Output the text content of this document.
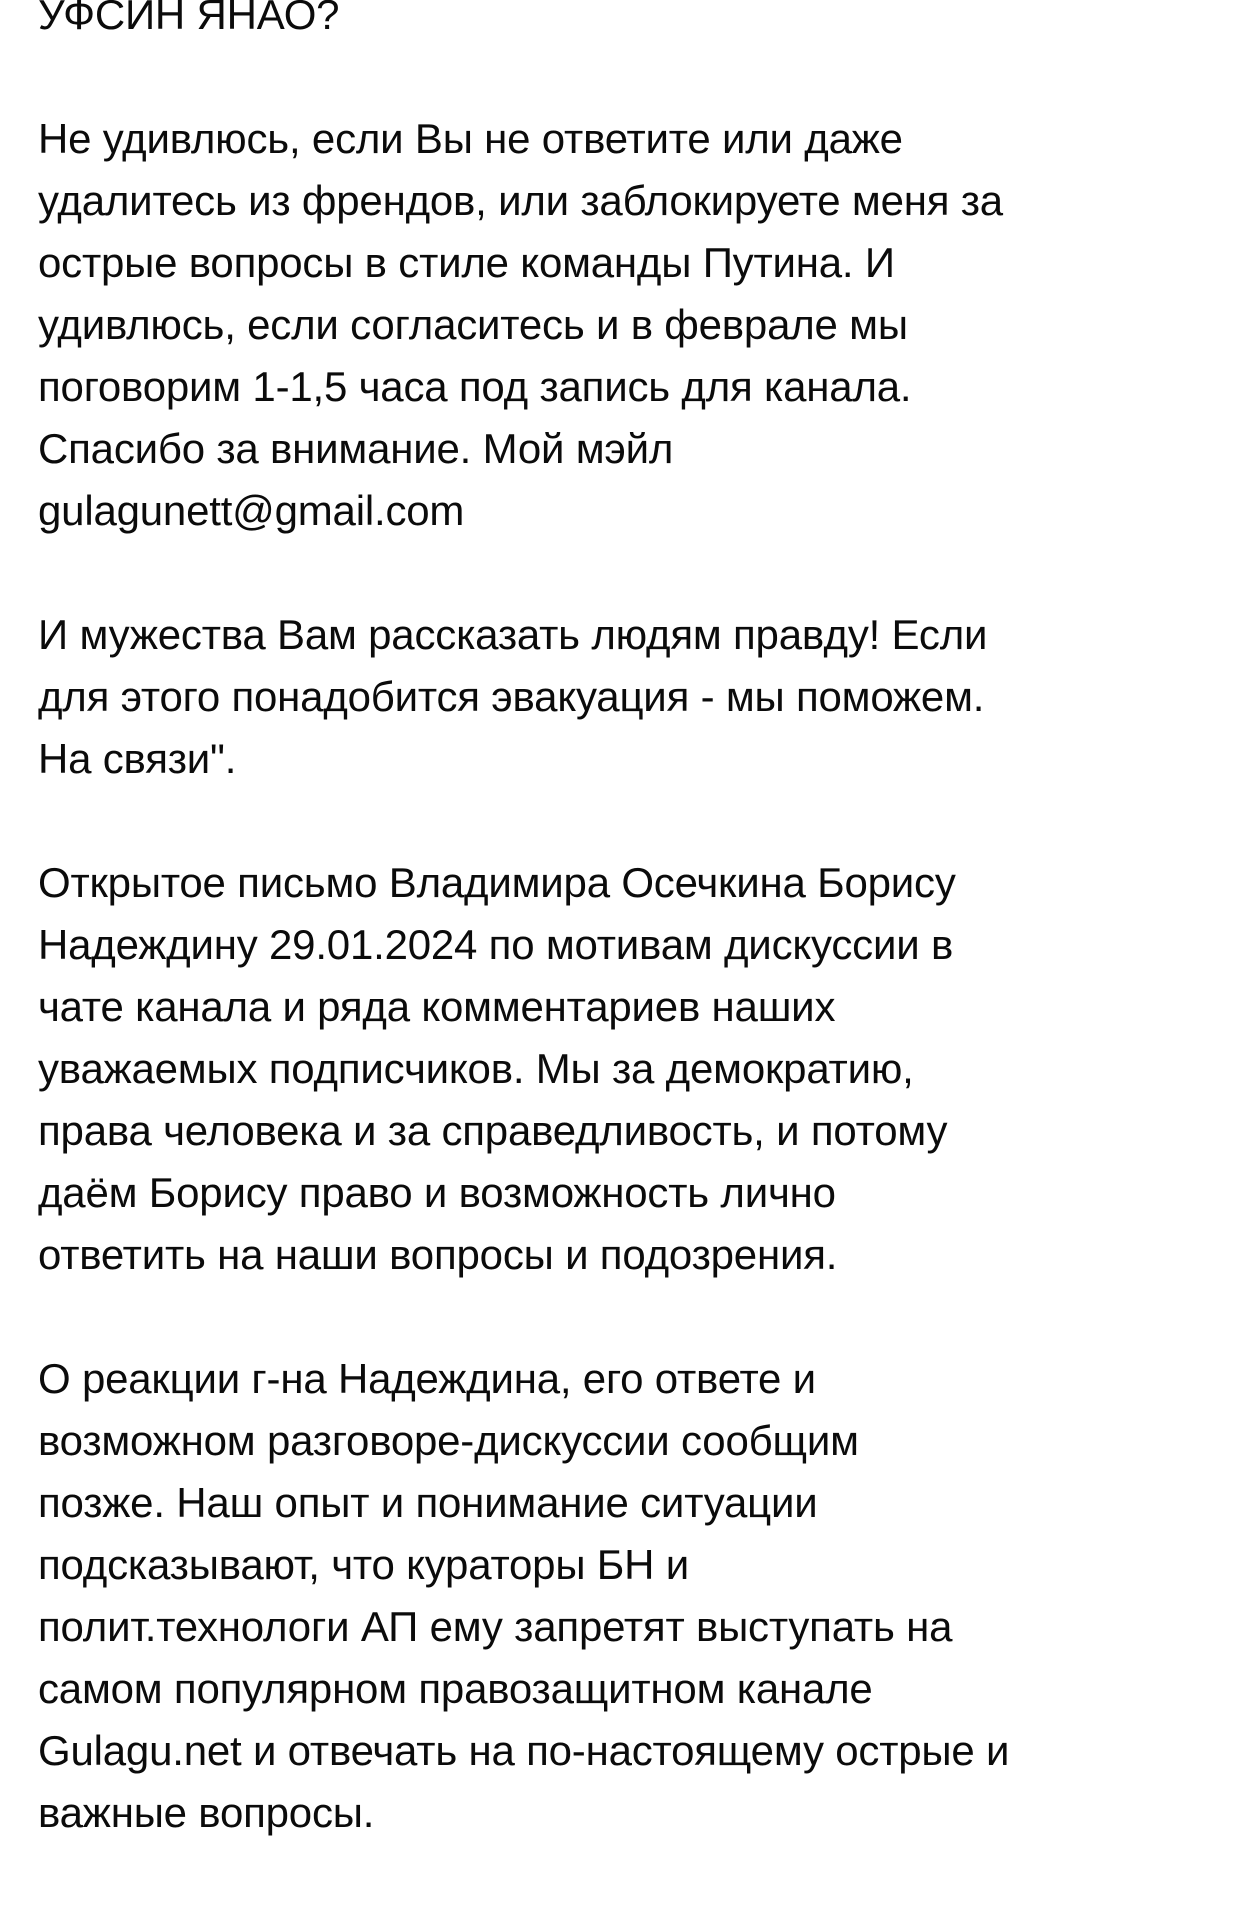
УФСИН ЯНАО?
Не удивлюсь, если Вы не ответите или даже
удалитесь из френдов, или заблокируете меня за
острые вопросы в стиле команды Путина. И
удивлюсь, если согласитесь и в феврале мы
поговорим 1-1,5 часа под запись для канала.
Спасибо за внимание. Мой мэйл
gulagunett@gmail.com
И мужества Вам рассказать людям правду! Если
для этого понадобится эвакуация - мы поможем.
На связи".
Открытое письмо Владимира Осечкина Борису
Надеждину 29.01.2024 по мотивам дискуссии в
чате канала и ряда комментариев наших
уважаемых подписчиков. Мы за демократию,
права человека и за справедливость, и потому
даём Борису право и возможность лично
ответить на наши вопросы и подозрения.
О реакции г-на Надеждина, его ответе и
возможном разговоре-дискуссии сообщим
позже. Наш опыт и понимание ситуации
подсказывают, что кураторы БН и
полит.технологи АП ему запретят выступать на
самом популярном правозащитном канале
Gulagu.net и отвечать на по-настоящему острые и
важные вопросы.
